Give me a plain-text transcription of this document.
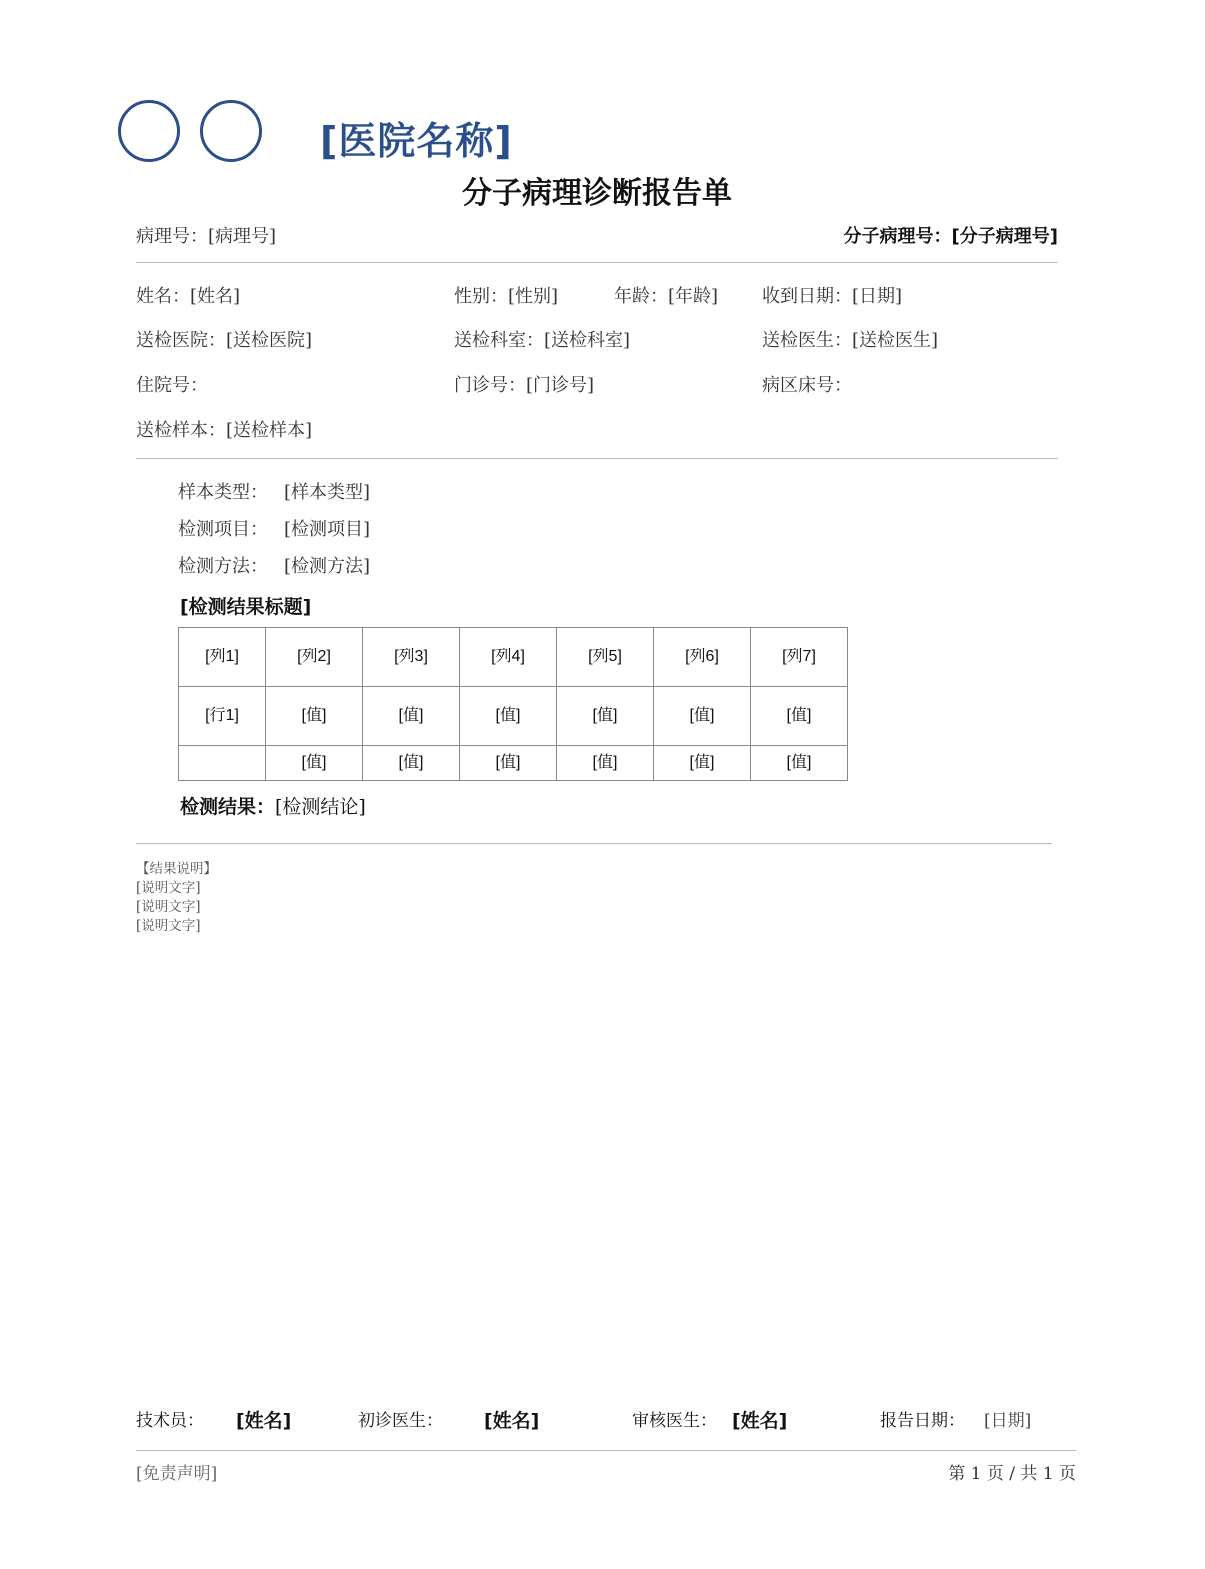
[医院名称]
分子病理诊断报告单
病理号：[病理号]	分子病理号：[分子病理号]
姓名：[姓名]	性别：[性别]	年龄：[年龄] 收到日期：[日期]
送检医院：[送检医院]	送检科室：[送检科室]	送检医生：[送检医生]
住院号：	门诊号：[门诊号]	病区床号：
送检样本：[送检样本]
样本类型： [样本类型]
检测项目： [检测项目]
检测方法： [检测方法]
[检测结果标题]
[列1]	[列2]	[列3]	[列4]	[列5]	[列6]	[列7]
[行1]	[值]	[值]	[值]	[值]	[值]	[值]
	[值]	[值]	[值]	[值]	[值]	[值]
检测结果：[检测结论]
【结果说明】
[说明文字]
[说明文字]
[说明文字]
技术员： [姓名]	初诊医生： [姓名]	审核医生： [姓名]	报告日期： [日期]
[免责声明]	第 1 页 / 共 1 页
